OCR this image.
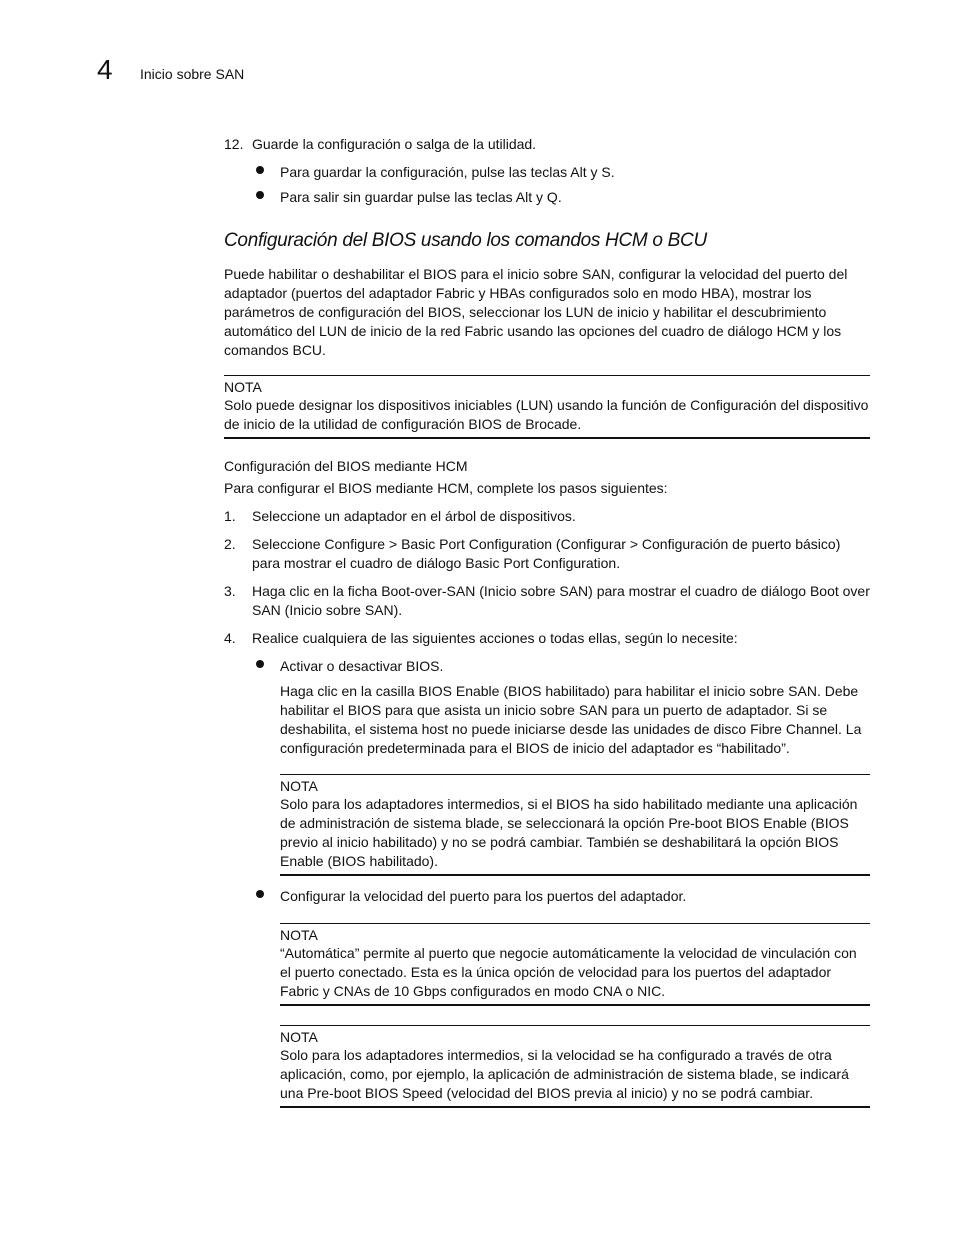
4 Inicio sobre SAN
12. Guarde la configuración o salga de la utilidad.
Para guardar la configuración, pulse las teclas Alt y S.
Para salir sin guardar pulse las teclas Alt y Q.
Configuración del BIOS usando los comandos HCM o BCU
Puede habilitar o deshabilitar el BIOS para el inicio sobre SAN, configurar la velocidad del puerto del adaptador (puertos del adaptador Fabric y HBAs configurados solo en modo HBA), mostrar los parámetros de configuración del BIOS, seleccionar los LUN de inicio y habilitar el descubrimiento automático del LUN de inicio de la red Fabric usando las opciones del cuadro de diálogo HCM y los comandos BCU.
NOTA
Solo puede designar los dispositivos iniciables (LUN) usando la función de Configuración del dispositivo de inicio de la utilidad de configuración BIOS de Brocade.
Configuración del BIOS mediante HCM
Para configurar el BIOS mediante HCM, complete los pasos siguientes:
1. Seleccione un adaptador en el árbol de dispositivos.
2. Seleccione Configure > Basic Port Configuration (Configurar > Configuración de puerto básico) para mostrar el cuadro de diálogo Basic Port Configuration.
3. Haga clic en la ficha Boot-over-SAN (Inicio sobre SAN) para mostrar el cuadro de diálogo Boot over SAN (Inicio sobre SAN).
4. Realice cualquiera de las siguientes acciones o todas ellas, según lo necesite:
Activar o desactivar BIOS.
Haga clic en la casilla BIOS Enable (BIOS habilitado) para habilitar el inicio sobre SAN. Debe habilitar el BIOS para que asista un inicio sobre SAN para un puerto de adaptador. Si se deshabilita, el sistema host no puede iniciarse desde las unidades de disco Fibre Channel. La configuración predeterminada para el BIOS de inicio del adaptador es “habilitado”.
NOTA
Solo para los adaptadores intermedios, si el BIOS ha sido habilitado mediante una aplicación de administración de sistema blade, se seleccionará la opción Pre-boot BIOS Enable (BIOS previo al inicio habilitado) y no se podrá cambiar. También se deshabilitará la opción BIOS Enable (BIOS habilitado).
Configurar la velocidad del puerto para los puertos del adaptador.
NOTA
“Automática” permite al puerto que negocie automáticamente la velocidad de vinculación con el puerto conectado. Esta es la única opción de velocidad para los puertos del adaptador Fabric y CNAs de 10 Gbps configurados en modo CNA o NIC.
NOTA
Solo para los adaptadores intermedios, si la velocidad se ha configurado a través de otra aplicación, como, por ejemplo, la aplicación de administración de sistema blade, se indicará una Pre-boot BIOS Speed (velocidad del BIOS previa al inicio) y no se podrá cambiar.
